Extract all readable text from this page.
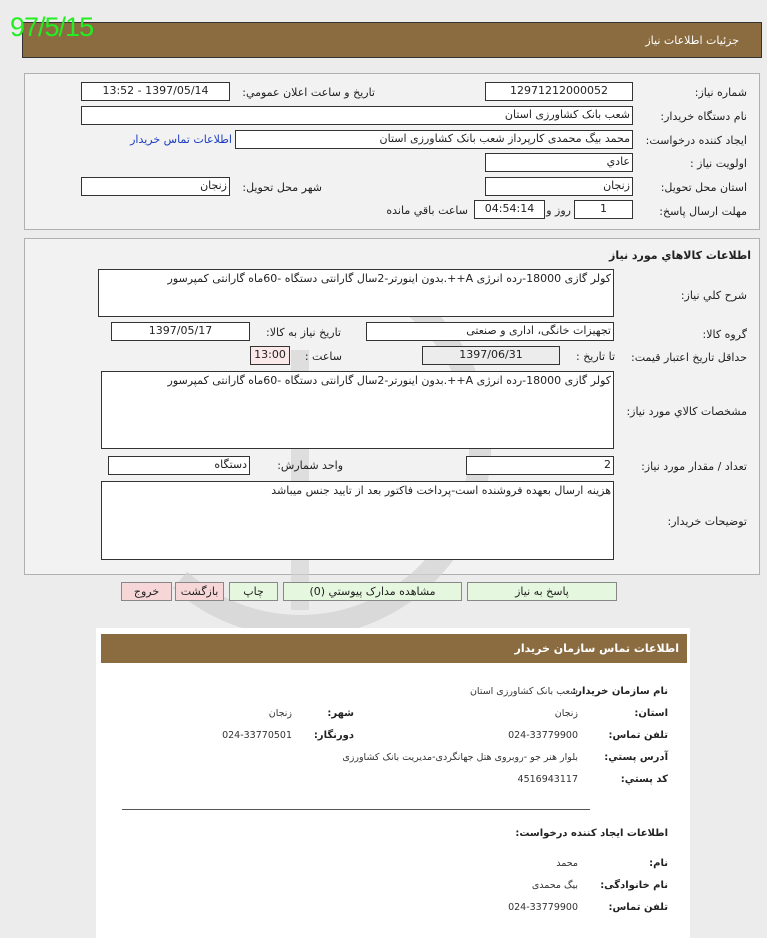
97/5/15	جزئيات اطلاعات نياز
شماره نياز:
12971212000052
تاريخ و ساعت اعلان عمومي:
1397/05/14 - 13:52
نام دستگاه خريدار:
شعب بانک کشاورزی استان
ايجاد کننده درخواست:
محمد بیگ محمدی کارپرداز شعب بانک کشاورزی استان
اطلاعات تماس خريدار
اولويت نياز :
عادي
استان محل تحويل:
زنجان
شهر محل تحويل:
زنجان
مهلت ارسال پاسخ:
1
روز و
04:54:14
ساعت باقي مانده
اطلاعات كالاهاي مورد نياز
شرح كلي نياز:
کولر گازی 18000-رده انرژی A++.بدون اینورتر-2سال گارانتی دستگاه -60ماه گارانتی کمپرسور
گروه کالا:
تجهیزات خانگی، اداری و صنعتی
تاريخ نياز به کالا:
1397/05/17
حداقل تاريخ اعتبار قيمت:
تا تاريخ :
1397/06/31
ساعت :
13:00
مشخصات کالاي مورد نياز:
کولر گازی 18000-رده انرژی A++.بدون اینورتر-2سال گارانتی دستگاه -60ماه گارانتی کمپرسور
تعداد / مقدار مورد نياز:
2
واحد شمارش:
دستگاه
توضيحات خريدار:
هزینه ارسال بعهده فروشنده است-پرداخت فاکتور بعد از تایید جنس میباشد
پاسخ به نياز
مشاهده مدارک پيوستي (0)
چاپ
بازگشت
خروج
اطلاعات تماس سازمان خريدار
نام سازمان خريدار:
شعب بانک کشاورزی استان
استان:
زنجان
شهر:
زنجان
تلفن تماس:
024-33779900
دورنگار:
024-33770501
آدرس پستي:
بلوار هنر جو -روبروی هتل جهانگردی-مدیریت بانک کشاورزی
کد پستي:
4516943117
اطلاعات ایجاد کننده درخواست:
نام:
محمد
نام خانوادگی:
بیگ محمدی
تلفن تماس:
024-33779900
